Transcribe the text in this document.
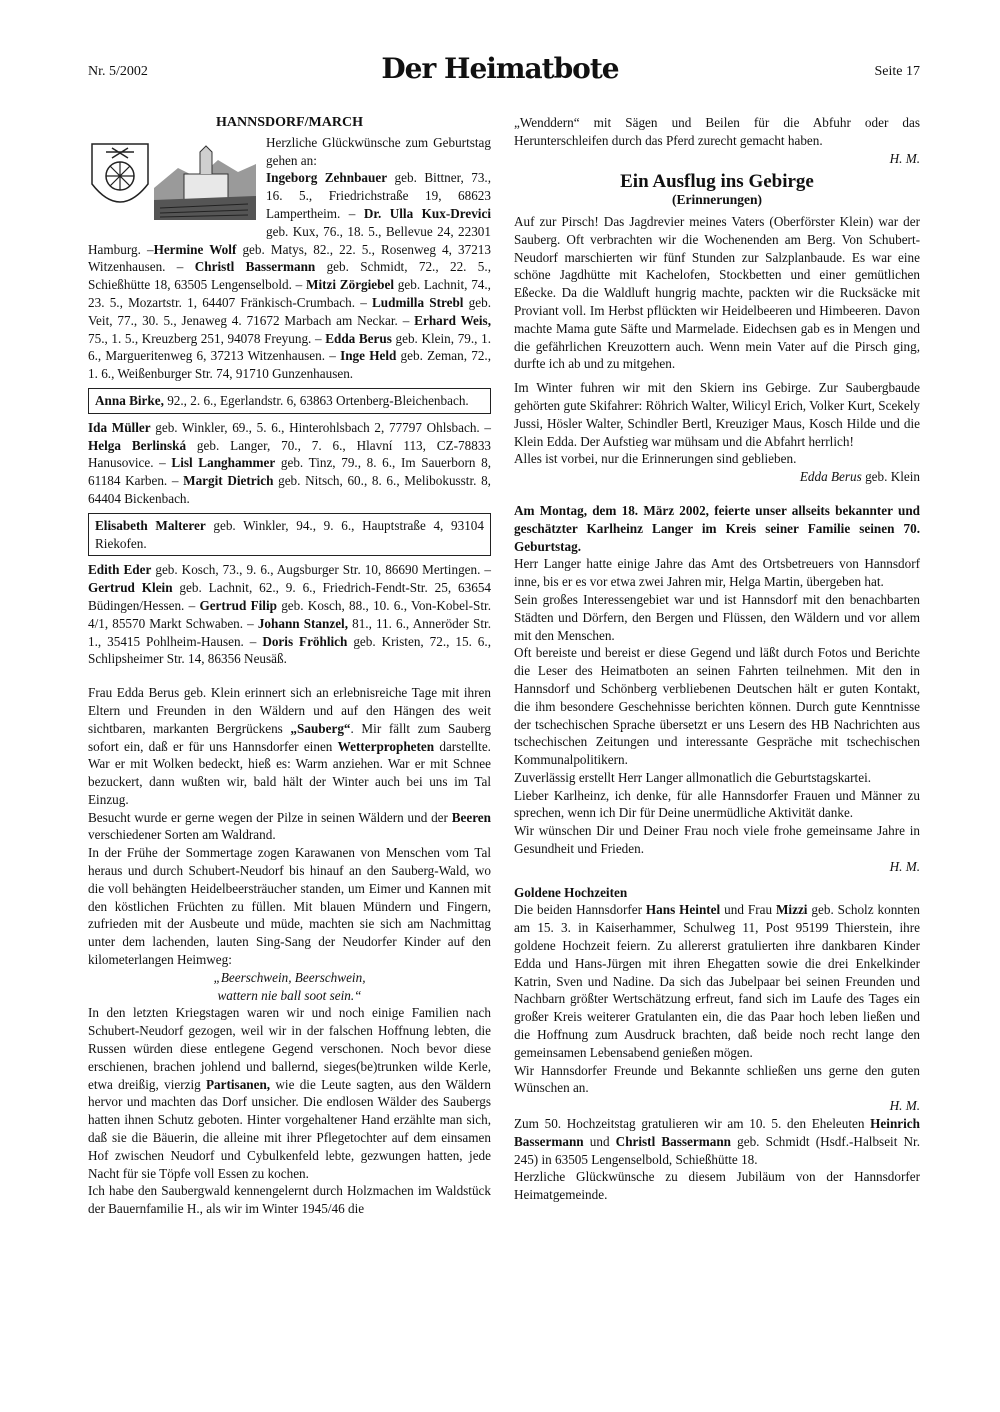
Nr. 5/2002	Der Heimatbote	Seite 17
HANNSDORF/MARCH

Herzliche Glückwünsche zum Geburtstag gehen an:

Ingeborg Zehnbauer geb. Bittner, 73., 16. 5., Friedrichstraße 19, 68623 Lampertheim. – Dr. Ulla Kux-Drevici geb. Kux, 76., 18. 5., Bellevue 24, 22301 Hamburg. –Hermine Wolf geb. Matys, 82., 22. 5., Rosenweg 4, 37213 Witzenhausen. – Christl Bassermann geb. Schmidt, 72., 22. 5., Schießhütte 18, 63505 Lengenselbold. – Mitzi Zörgiebel geb. Lachnit, 74., 23. 5., Mozartstr. 1, 64407 Fränkisch-Crumbach. – Ludmilla Strebl geb. Veit, 77., 30. 5., Jenaweg 4. 71672 Marbach am Neckar. – Erhard Weis, 75., 1. 5., Kreuzberg 251, 94078 Freyung. – Edda Berus geb. Klein, 79., 1. 6., Margueritenweg 6, 37213 Witzenhausen. – Inge Held geb. Zeman, 72., 1. 6., Weißenburger Str. 74, 91710 Gunzenhausen.

Anna Birke, 92., 2. 6., Egerlandstr. 6, 63863 Ortenberg-Bleichenbach.

Ida Müller geb. Winkler, 69., 5. 6., Hinterohlsbach 2, 77797 Ohlsbach. – Helga Berlinská geb. Langer, 70., 7. 6., Hlavní 113, CZ-78833 Hanusovice. – Lisl Langhammer geb. Tinz, 79., 8. 6., Im Sauerborn 8, 61184 Karben. – Margit Dietrich geb. Nitsch, 60., 8. 6., Melibokusstr. 8, 64404 Bickenbach.

Elisabeth Malterer geb. Winkler, 94., 9. 6., Hauptstraße 4, 93104 Riekofen.

Edith Eder geb. Kosch, 73., 9. 6., Augsburger Str. 10, 86690 Mertingen. – Gertrud Klein geb. Lachnit, 62., 9. 6., Friedrich-Fendt-Str. 25, 63654 Büdingen/Hessen. – Gertrud Filip geb. Kosch, 88., 10. 6., Von-Kobel-Str. 4/1, 85570 Markt Schwaben. – Johann Stanzel, 81., 11. 6., Anneröder Str. 1., 35415 Pohlheim-Hausen. – Doris Fröhlich geb. Kristen, 72., 15. 6., Schlipsheimer Str. 14, 86356 Neusäß.

Frau Edda Berus geb. Klein erinnert sich an erlebnisreiche Tage mit ihren Eltern und Freunden in den Wäldern und auf den Hängen des weit sichtbaren, markanten Bergrückens „Sauberg“. Mir fällt zum Sauberg sofort ein, daß er für uns Hannsdorfer einen Wetterpropheten darstellte. War er mit Wolken bedeckt, hieß es: Warm anziehen. War er mit Schnee bezuckert, dann wußten wir, bald hält der Winter auch bei uns im Tal Einzug.

Besucht wurde er gerne wegen der Pilze in seinen Wäldern und der Beeren verschiedener Sorten am Waldrand.

In der Frühe der Sommertage zogen Karawanen von Menschen vom Tal heraus und durch Schubert-Neudorf bis hinauf an den Sauberg-Wald, wo die voll behängten Heidelbeersträucher standen, um Eimer und Kannen mit den köstlichen Früchten zu füllen. Mit blauen Mündern und Fingern, zufrieden mit der Ausbeute und müde, machten sie sich am Nachmittag unter dem lachenden, lauten Sing-Sang der Neudorfer Kinder auf den kilometerlangen Heimweg:

„Beerschwein, Beerschwein,

wattern nie ball soot sein.“

In den letzten Kriegstagen waren wir und noch einige Familien nach Schubert-Neudorf gezogen, weil wir in der falschen Hoffnung lebten, die Russen würden diese entlegene Gegend verschonen. Noch bevor diese erschienen, brachen johlend und ballernd, sieges(be)trunken wilde Kerle, etwa dreißig, vierzig Partisanen, wie die Leute sagten, aus den Wäldern hervor und machten das Dorf unsicher. Die endlosen Wälder des Saubergs hatten ihnen Schutz geboten. Hinter vorgehaltener Hand erzählte man sich, daß sie die Bäuerin, die alleine mit ihrer Pflegetochter auf dem einsamen Hof zwischen Neudorf und Cybulkenfeld lebte, gezwungen hatten, jede Nacht für sie Töpfe voll Essen zu kochen.

Ich habe den Saubergwald kennengelernt durch Holzmachen im Waldstück der Bauernfamilie H., als wir im Winter 1945/46 die

„Wenddern“ mit Sägen und Beilen für die Abfuhr oder das Herunterschleifen durch das Pferd zurecht gemacht haben.

H. M.

Ein Ausflug ins Gebirge
(Erinnerungen)

Auf zur Pirsch! Das Jagdrevier meines Vaters (Oberförster Klein) war der Sauberg. Oft verbrachten wir die Wochenenden am Berg. Von Schubert-Neudorf marschierten wir fünf Stunden zur Salzplanbaude. Es war eine schöne Jagdhütte mit Kachelofen, Stockbetten und einer gemütlichen Eßecke. Da die Waldluft hungrig machte, packten wir die Rucksäcke mit Proviant voll. Im Herbst pflückten wir Heidelbeeren und Himbeeren. Davon machte Mama gute Säfte und Marmelade. Eidechsen gab es in Mengen und die gefährlichen Kreuzottern auch. Wenn mein Vater auf die Pirsch ging, durfte ich ab und zu mitgehen.

Im Winter fuhren wir mit den Skiern ins Gebirge. Zur Saubergbaude gehörten gute Skifahrer: Röhrich Walter, Wilicyl Erich, Volker Kurt, Scekely Jussi, Hösler Walter, Schindler Bertl, Kreuziger Maus, Kosch Hilde und die Klein Edda. Der Aufstieg war mühsam und die Abfahrt herrlich!

Alles ist vorbei, nur die Erinnerungen sind geblieben.

Edda Berus geb. Klein

Am Montag, dem 18. März 2002, feierte unser allseits bekannter und geschätzter Karlheinz Langer im Kreis seiner Familie seinen 70. Geburtstag.

Herr Langer hatte einige Jahre das Amt des Ortsbetreuers von Hannsdorf inne, bis er es vor etwa zwei Jahren mir, Helga Martin, übergeben hat.

Sein großes Interessengebiet war und ist Hannsdorf mit den benachbarten Städten und Dörfern, den Bergen und Flüssen, den Wäldern und vor allem mit den Menschen.

Oft bereiste und bereist er diese Gegend und läßt durch Fotos und Berichte die Leser des Heimatboten an seinen Fahrten teilnehmen. Mit den in Hannsdorf und Schönberg verbliebenen Deutschen hält er guten Kontakt, die ihm besondere Geschehnisse berichten können. Durch gute Kenntnisse der tschechischen Sprache übersetzt er uns Lesern des HB Nachrichten aus tschechischen Zeitungen und interessante Gespräche mit tschechischen Kommunalpolitikern.

Zuverlässig erstellt Herr Langer allmonatlich die Geburtstagskartei.

Lieber Karlheinz, ich denke, für alle Hannsdorfer Frauen und Männer zu sprechen, wenn ich Dir für Deine unermüdliche Aktivität danke.

Wir wünschen Dir und Deiner Frau noch viele frohe gemeinsame Jahre in Gesundheit und Frieden.

H. M.

Goldene Hochzeiten

Die beiden Hannsdorfer Hans Heintel und Frau Mizzi geb. Scholz konnten am 15. 3. in Kaiserhammer, Schulweg 11, Post 95199 Thierstein, ihre goldene Hochzeit feiern. Zu allererst gratulierten ihre dankbaren Kinder Edda und Hans-Jürgen mit ihren Ehegatten sowie die drei Enkelkinder Katrin, Sven und Nadine. Da sich das Jubelpaar bei seinen Freunden und Nachbarn größter Wertschätzung erfreut, fand sich im Laufe des Tages ein großer Kreis weiterer Gratulanten ein, die das Paar hoch leben ließen und die Hoffnung zum Ausdruck brachten, daß beide noch recht lange den gemeinsamen Lebensabend genießen mögen.

Wir Hannsdorfer Freunde und Bekannte schließen uns gerne den guten Wünschen an.

H. M.

Zum 50. Hochzeitstag gratulieren wir am 10. 5. den Eheleuten Heinrich Bassermann und Christl Bassermann geb. Schmidt (Hsdf.-Halbseit Nr. 245) in 63505 Lengenselbold, Schießhütte 18.

Herzliche Glückwünsche zu diesem Jubiläum von der Hannsdorfer Heimatgemeinde.
